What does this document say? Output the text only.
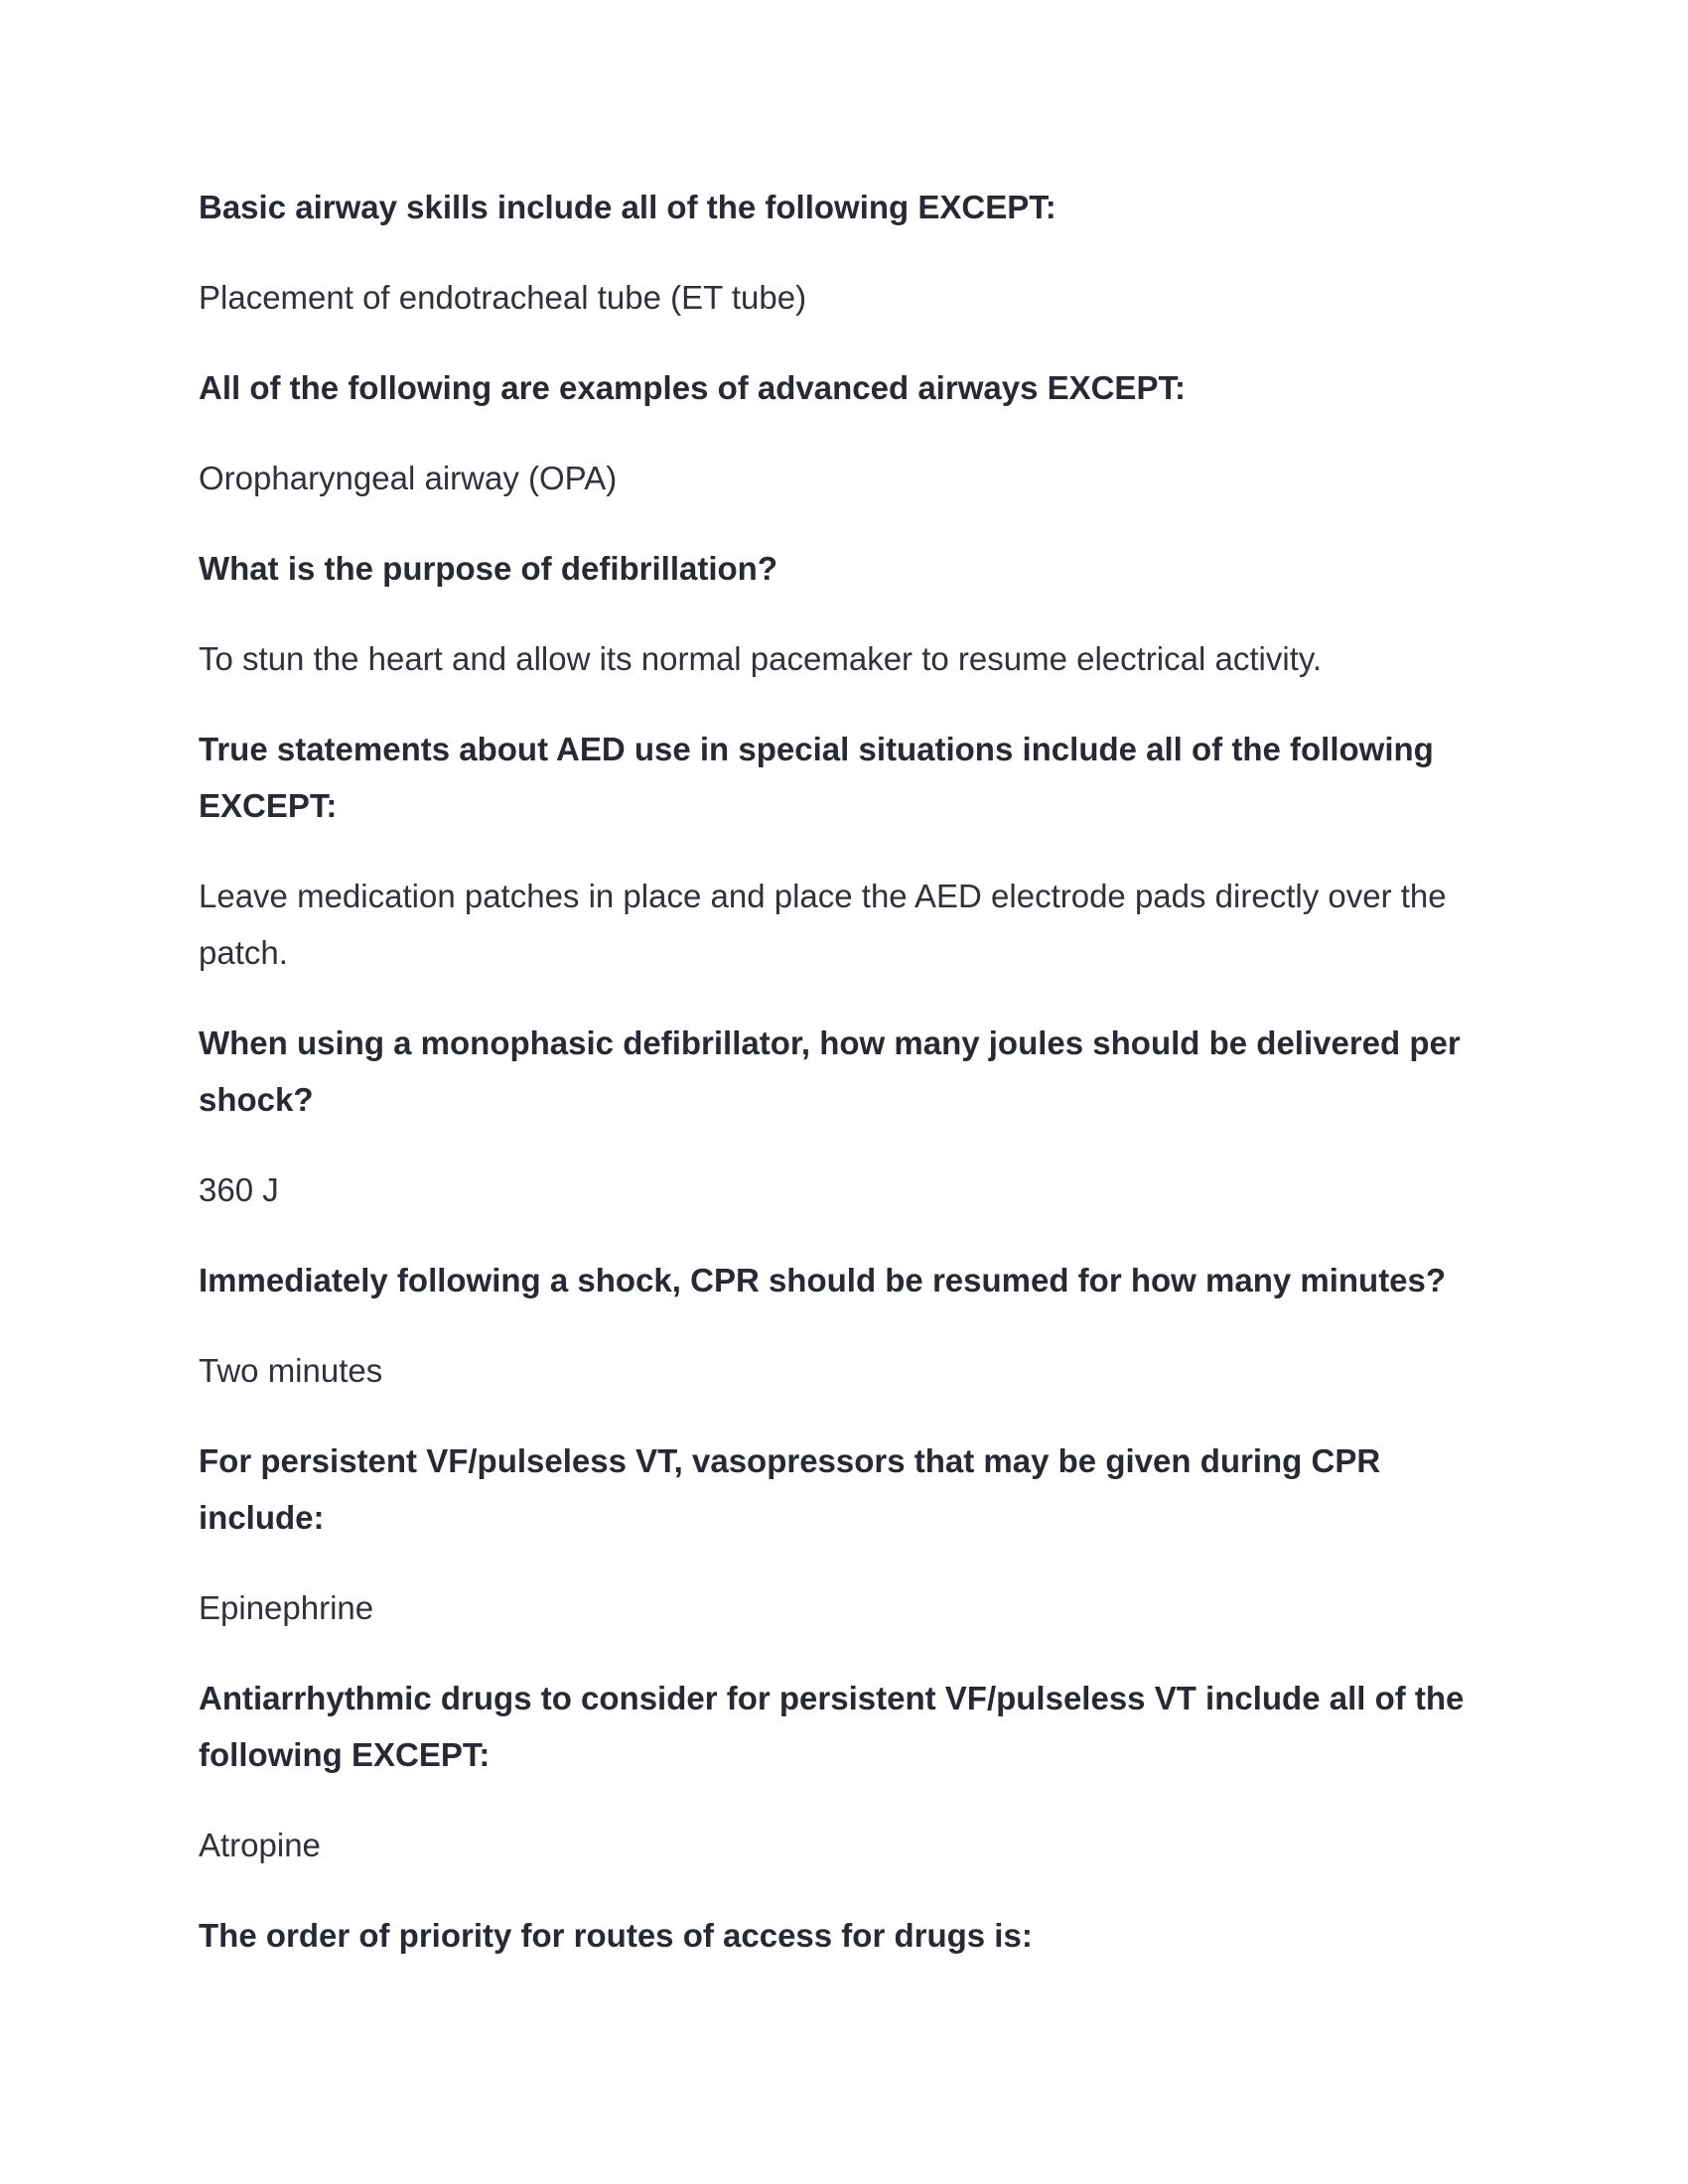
Basic airway skills include all of the following EXCEPT:

Placement of endotracheal tube (ET tube)

All of the following are examples of advanced airways EXCEPT:

Oropharyngeal airway (OPA)

What is the purpose of defibrillation?

To stun the heart and allow its normal pacemaker to resume electrical activity.

True statements about AED use in special situations include all of the following EXCEPT:

Leave medication patches in place and place the AED electrode pads directly over the patch.

When using a monophasic defibrillator, how many joules should be delivered per shock?

360 J

Immediately following a shock, CPR should be resumed for how many minutes?

Two minutes

For persistent VF/pulseless VT, vasopressors that may be given during CPR include:

Epinephrine

Antiarrhythmic drugs to consider for persistent VF/pulseless VT include all of the following EXCEPT:

Atropine

The order of priority for routes of access for drugs is:
